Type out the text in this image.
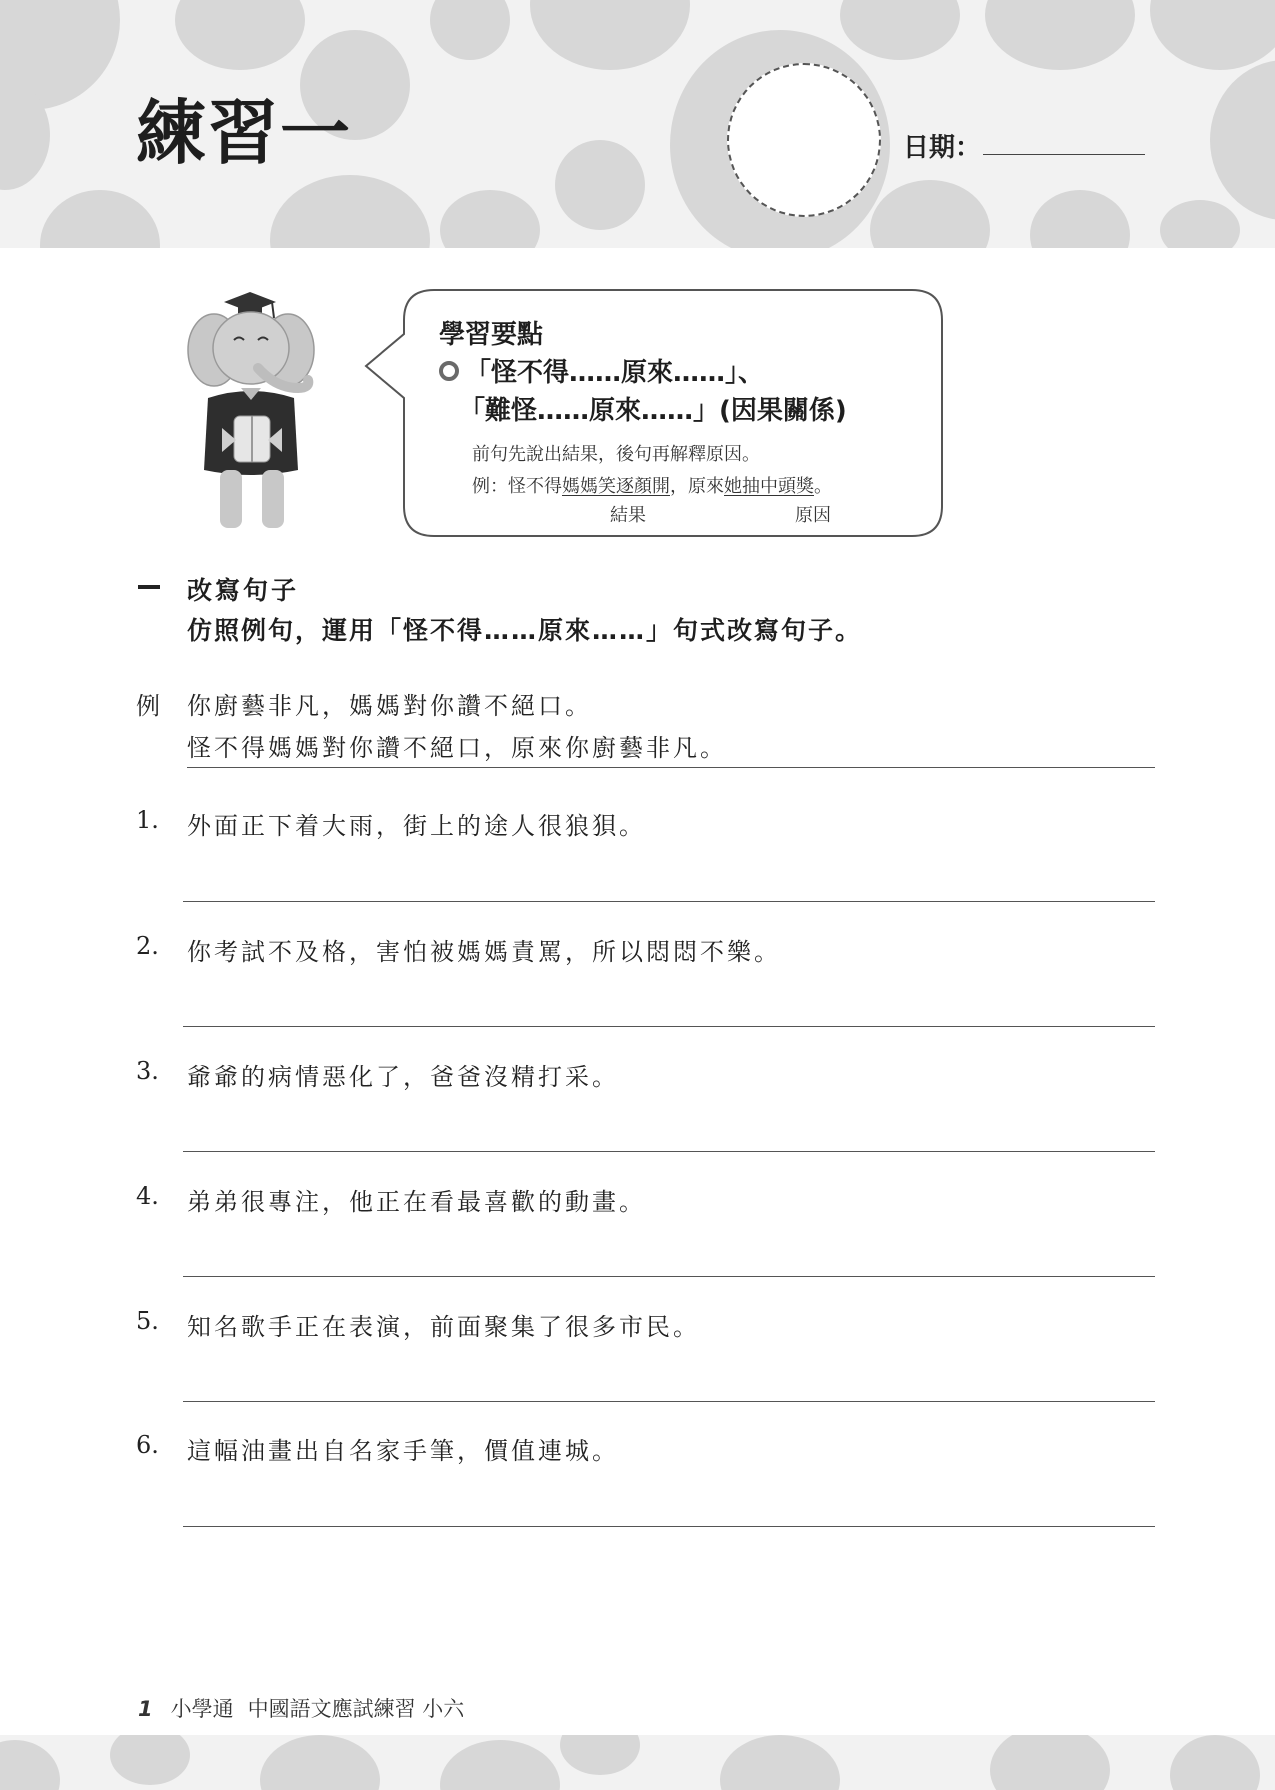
練習一	日期：
學習要點
「怪不得……原來……」、
「難怪……原來……」(因果關係)
前句先說出結果，後句再解釋原因。
例：怪不得媽媽笑逐顏開，原來她抽中頭獎。
結果	原因
改寫句子
仿照例句，運用「怪不得……原來……」句式改寫句子。
例 你廚藝非凡，媽媽對你讚不絕口。
怪不得媽媽對你讚不絕口，原來你廚藝非凡。
1. 外面正下着大雨，街上的途人很狼狽。
2. 你考試不及格，害怕被媽媽責罵，所以悶悶不樂。
3. 爺爺的病情惡化了，爸爸沒精打采。
4. 弟弟很專注，他正在看最喜歡的動畫。
5. 知名歌手正在表演，前面聚集了很多市民。
6. 這幅油畫出自名家手筆，價值連城。
1 小學通 中國語文應試練習 小六
